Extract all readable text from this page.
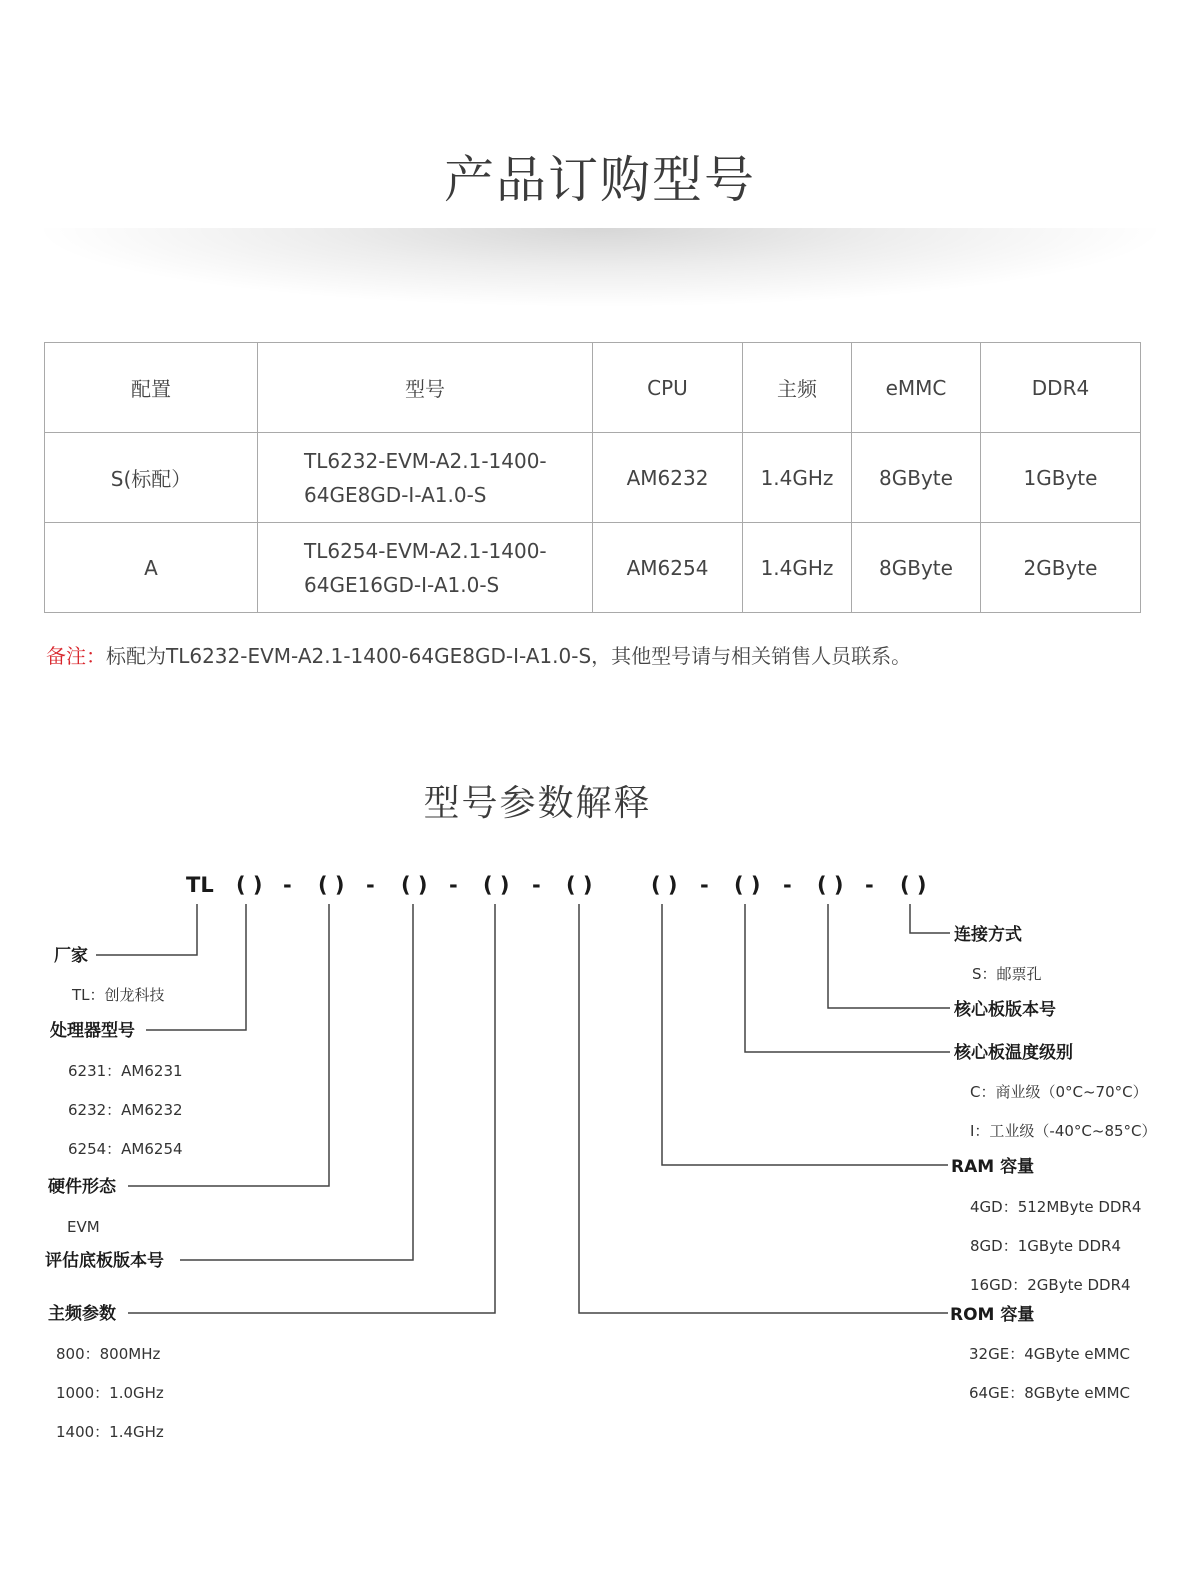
产品订购型号
配置	型号	CPU	主频	eMMC	DDR4
S(标配）	TL6232-EVM-A2.1-1400-
64GE8GD-I-A1.0-S	AM6232	1.4GHz	8GByte	1GByte
A	TL6254-EVM-A2.1-1400-
64GE16GD-I-A1.0-S	AM6254	1.4GHz	8GByte	2GByte
备注：标配为TL6232-EVM-A2.1-1400-64GE8GD-I-A1.0-S，其他型号请与相关销售人员联系。
型号参数解释
TL ( ) - ( ) - ( ) - ( ) - ( )	( ) - ( ) - ( ) - ( )
厂家
TL：创龙科技
处理器型号
6231：AM6231
6232：AM6232
6254：AM6254
硬件形态
EVM
评估底板版本号
主频参数
800：800MHz
1000：1.0GHz
1400：1.4GHz
连接方式
S：邮票孔
核心板版本号
核心板温度级别
C：商业级（0°C~70°C）
I：工业级（-40°C~85°C）
RAM 容量
4GD：512MByte DDR4
8GD：1GByte DDR4
16GD：2GByte DDR4
ROM 容量
32GE：4GByte eMMC
64GE：8GByte eMMC
